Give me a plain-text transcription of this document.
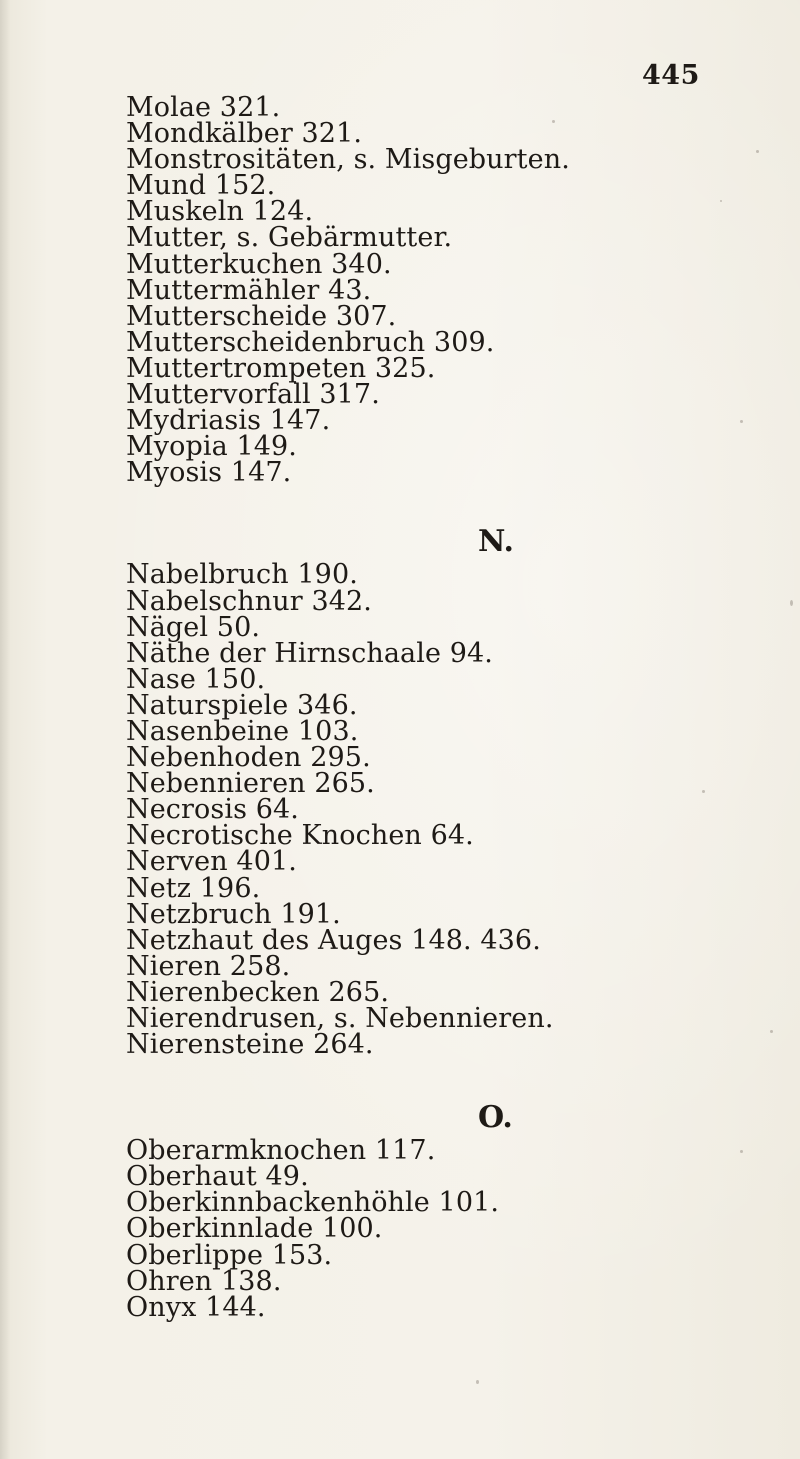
445
Molae 321.
Mondkälber 321.
Monstrositäten, s. Misgeburten.
Mund 152.
Muskeln 124.
Mutter, s. Gebärmutter.
Mutterkuchen 340.
Muttermähler 43.
Mutterscheide 307.
Mutterscheidenbruch 309.
Muttertrompeten 325.
Muttervorfall 317.
Mydriasis 147.
Myopia 149.
Myosis 147.
N.
Nabelbruch 190.
Nabelschnur 342.
Nägel 50.
Näthe der Hirnschaale 94.
Nase 150.
Naturspiele 346.
Nasenbeine 103.
Nebenhoden 295.
Nebennieren 265.
Necrosis 64.
Necrotische Knochen 64.
Nerven 401.
Netz 196.
Netzbruch 191.
Netzhaut des Auges 148. 436.
Nieren 258.
Nierenbecken 265.
Nierendrusen, s. Nebennieren.
Nierensteine 264.
O.
Oberarmknochen 117.
Oberhaut 49.
Oberkinnbackenhöhle 101.
Oberkinnlade 100.
Oberlippe 153.
Ohren 138.
Onyx 144.
